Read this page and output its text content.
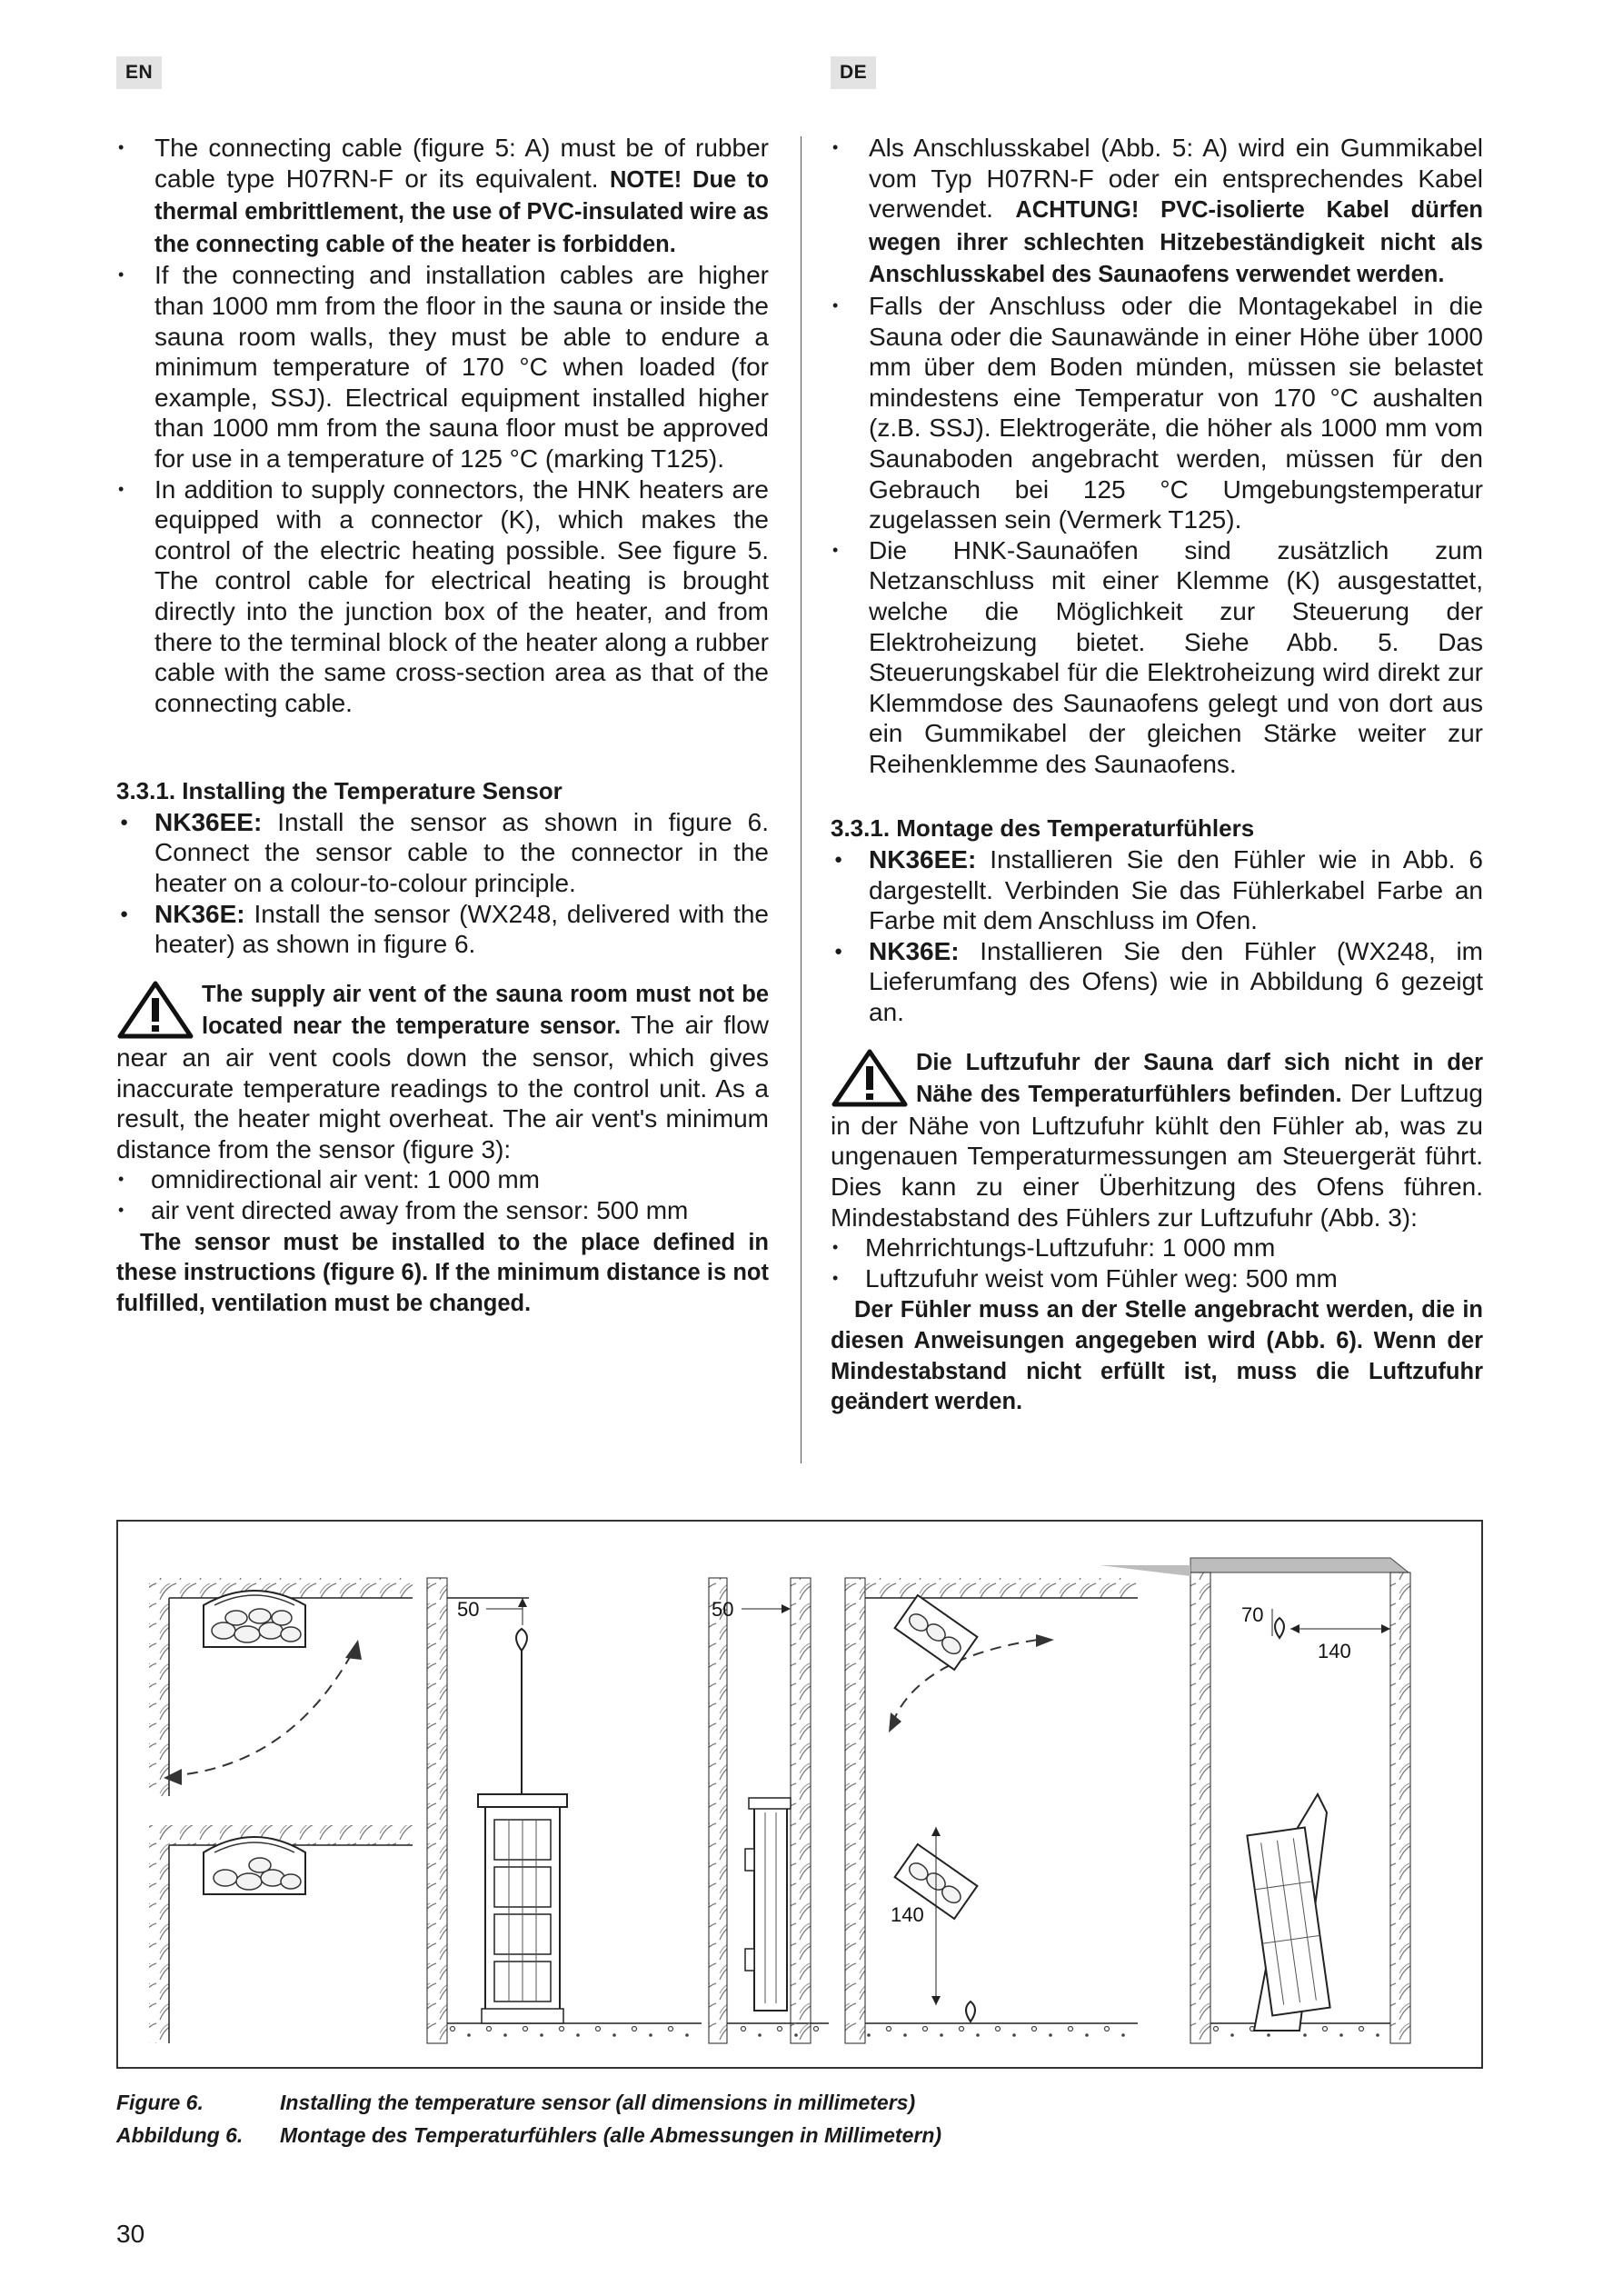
EN	DE
• The connecting cable (figure 5: A) must be of rubber cable type H07RN-F or its equivalent. NOTE! Due to thermal embrittlement, the use of PVC-insulated wire as the connecting cable of the heater is forbidden.
• If the connecting and installation cables are higher than 1000 mm from the floor in the sauna or inside the sauna room walls, they must be able to endure a minimum temperature of 170 °C when loaded (for example, SSJ). Electrical equipment installed higher than 1000 mm from the sauna floor must be approved for use in a temperature of 125 °C (marking T125).
• In addition to supply connectors, the HNK heaters are equipped with a connector (K), which makes the control of the electric heating possible. See figure 5. The control cable for electrical heating is brought directly into the junction box of the heater, and from there to the terminal block of the heater along a rubber cable with the same cross-section area as that of the connecting cable.
3.3.1. Installing the Temperature Sensor
● NK36EE: Install the sensor as shown in figure 6. Connect the sensor cable to the connector in the heater on a colour-to-colour principle.
● NK36E: Install the sensor (WX248, delivered with the heater) as shown in figure 6.
The supply air vent of the sauna room must not be located near the temperature sensor. The air flow near an air vent cools down the sensor, which gives inaccurate temperature readings to the control unit. As a result, the heater might overheat. The air vent's minimum distance from the sensor (figure 3):
• omnidirectional air vent: 1 000 mm
• air vent directed away from the sensor: 500 mm
The sensor must be installed to the place defined in these instructions (figure 6). If the minimum distance is not fulfilled, ventilation must be changed.
• Als Anschlusskabel (Abb. 5: A) wird ein Gummikabel vom Typ H07RN-F oder ein entsprechendes Kabel verwendet. ACHTUNG! PVC-isolierte Kabel dürfen wegen ihrer schlechten Hitzebeständigkeit nicht als Anschlusskabel des Saunaofens verwendet werden.
• Falls der Anschluss oder die Montagekabel in die Sauna oder die Saunawände in einer Höhe über 1000 mm über dem Boden münden, müssen sie belastet mindestens eine Temperatur von 170 °C aushalten (z.B. SSJ). Elektrogeräte, die höher als 1000 mm vom Saunaboden angebracht werden, müssen für den Gebrauch bei 125 °C Umgebungstemperatur zugelassen sein (Vermerk T125).
• Die HNK-Saunaöfen sind zusätzlich zum Netzanschluss mit einer Klemme (K) ausgestattet, welche die Möglichkeit zur Steuerung der Elektroheizung bietet. Siehe Abb. 5. Das Steuerungskabel für die Elektroheizung wird direkt zur Klemmdose des Saunaofens gelegt und von dort aus ein Gummikabel der gleichen Stärke weiter zur Reihenklemme des Saunaofens.
3.3.1. Montage des Temperaturfühlers
● NK36EE: Installieren Sie den Fühler wie in Abb. 6 dargestellt. Verbinden Sie das Fühlerkabel Farbe an Farbe mit dem Anschluss im Ofen.
● NK36E: Installieren Sie den Fühler (WX248, im Lieferumfang des Ofens) wie in Abbildung 6 gezeigt an.
Die Luftzufuhr der Sauna darf sich nicht in der Nähe des Temperaturfühlers befinden. Der Luftzug in der Nähe von Luftzufuhr kühlt den Fühler ab, was zu ungenauen Temperaturmessungen am Steuergerät führt. Dies kann zu einer Überhitzung des Ofens führen. Mindestabstand des Fühlers zur Luftzufuhr (Abb. 3):
• Mehrrichtungs-Luftzufuhr: 1 000 mm
• Luftzufuhr weist vom Fühler weg: 500 mm
Der Fühler muss an der Stelle angebracht werden, die in diesen Anweisungen angegeben wird (Abb. 6). Wenn der Mindestabstand nicht erfüllt ist, muss die Luftzufuhr geändert werden.
50	50	70
140
140
Figure 6.	Installing the temperature sensor (all dimensions in millimeters)
Abbildung 6. Montage des Temperaturfühlers (alle Abmessungen in Millimetern)
30
